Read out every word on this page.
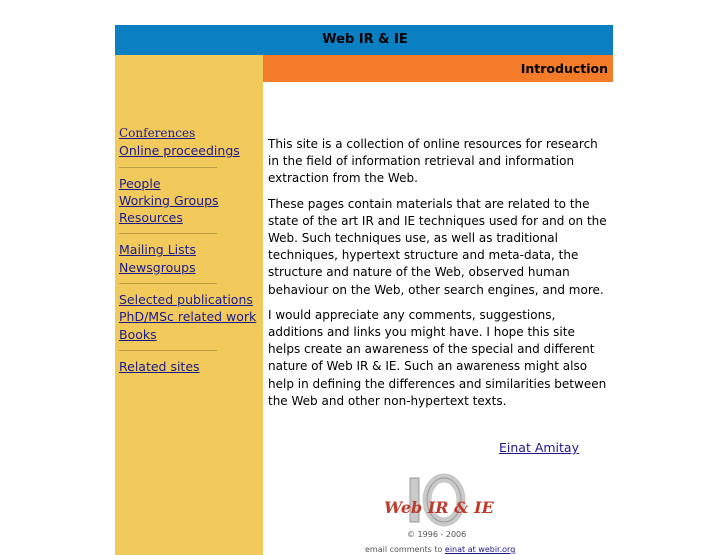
Web IR & IE
Conferences
Online proceedings
People
Working Groups
Resources
Mailing Lists
Newsgroups
Selected publications
PhD/MSc related work
Books
Related sites
Introduction

This site is a collection of online resources for research in the field of information retrieval and information extraction from the Web.

These pages contain materials that are related to the state of the art IR and IE techniques used for and on the Web. Such techniques use, as well as traditional techniques, hypertext structure and meta-data, the structure and nature of the Web, observed human behaviour on the Web, other search engines, and more.

I would appreciate any comments, suggestions, additions and links you might have. I hope this site helps create an awareness of the special and different nature of Web IR & IE. Such an awareness might also help in defining the differences and similarities between the Web and other non-hypertext texts.

Einat Amitay
Web IR & IE
© 1996 - 2006
email comments to einat at webir.org
